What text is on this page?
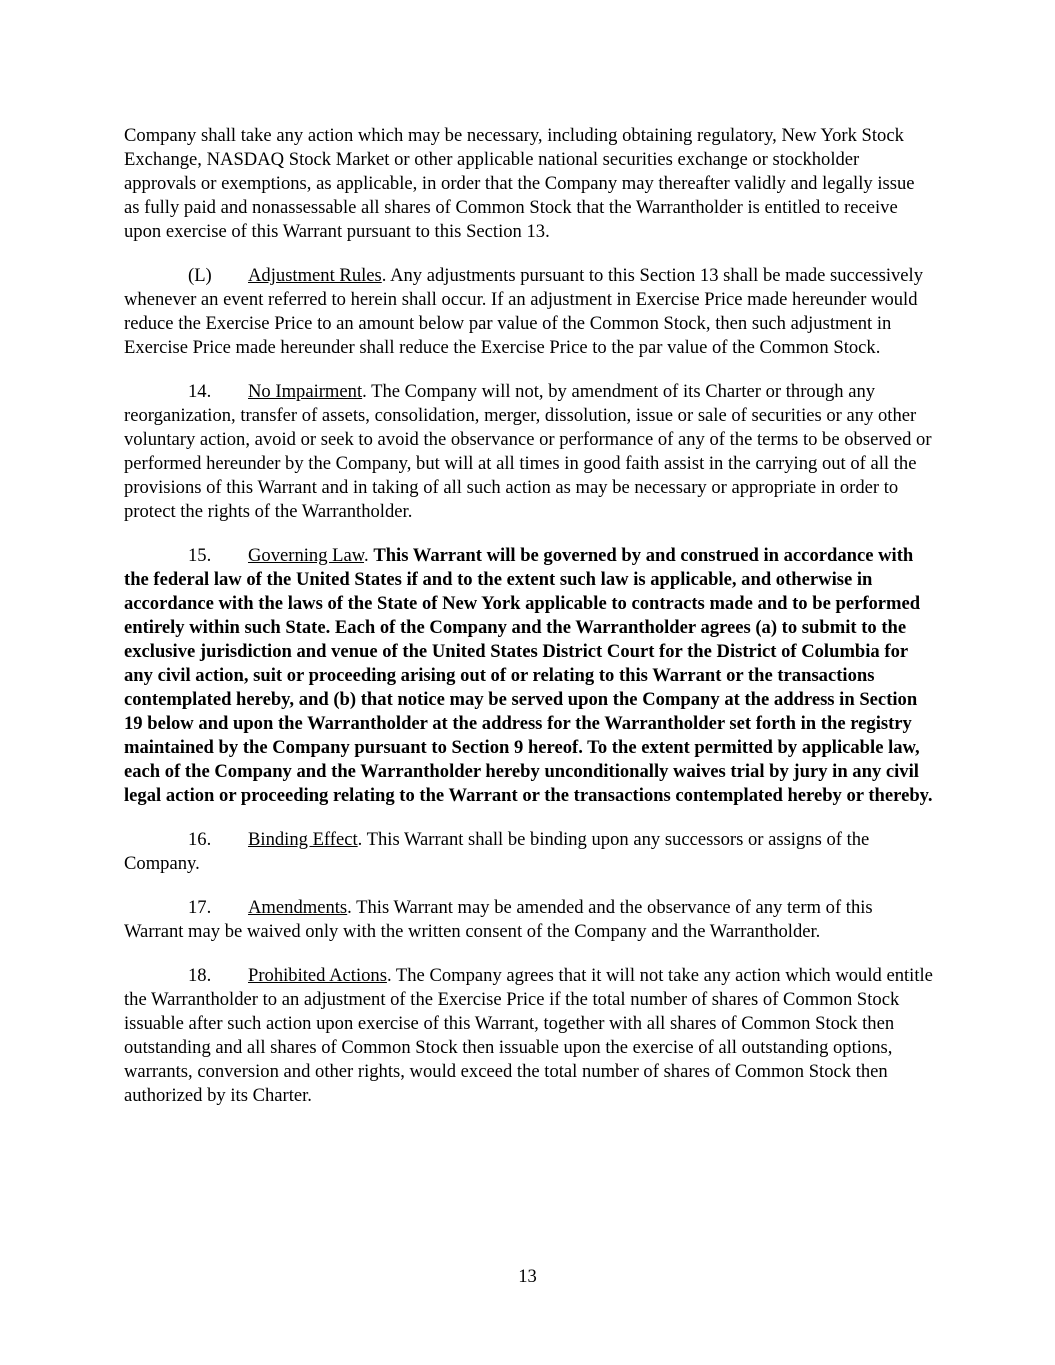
Company shall take any action which may be necessary, including obtaining regulatory, New York Stock Exchange, NASDAQ Stock Market or other applicable national securities exchange or stockholder approvals or exemptions, as applicable, in order that the Company may thereafter validly and legally issue as fully paid and nonassessable all shares of Common Stock that the Warrantholder is entitled to receive upon exercise of this Warrant pursuant to this Section 13.

(L) Adjustment Rules. Any adjustments pursuant to this Section 13 shall be made successively whenever an event referred to herein shall occur. If an adjustment in Exercise Price made hereunder would reduce the Exercise Price to an amount below par value of the Common Stock, then such adjustment in Exercise Price made hereunder shall reduce the Exercise Price to the par value of the Common Stock.

14. No Impairment. The Company will not, by amendment of its Charter or through any reorganization, transfer of assets, consolidation, merger, dissolution, issue or sale of securities or any other voluntary action, avoid or seek to avoid the observance or performance of any of the terms to be observed or performed hereunder by the Company, but will at all times in good faith assist in the carrying out of all the provisions of this Warrant and in taking of all such action as may be necessary or appropriate in order to protect the rights of the Warrantholder.

15. Governing Law. This Warrant will be governed by and construed in accordance with the federal law of the United States if and to the extent such law is applicable, and otherwise in accordance with the laws of the State of New York applicable to contracts made and to be performed entirely within such State. Each of the Company and the Warrantholder agrees (a) to submit to the exclusive jurisdiction and venue of the United States District Court for the District of Columbia for any civil action, suit or proceeding arising out of or relating to this Warrant or the transactions contemplated hereby, and (b) that notice may be served upon the Company at the address in Section 19 below and upon the Warrantholder at the address for the Warrantholder set forth in the registry maintained by the Company pursuant to Section 9 hereof. To the extent permitted by applicable law, each of the Company and the Warrantholder hereby unconditionally waives trial by jury in any civil legal action or proceeding relating to the Warrant or the transactions contemplated hereby or thereby.

16. Binding Effect. This Warrant shall be binding upon any successors or assigns of the Company.

17. Amendments. This Warrant may be amended and the observance of any term of this Warrant may be waived only with the written consent of the Company and the Warrantholder.

18. Prohibited Actions. The Company agrees that it will not take any action which would entitle the Warrantholder to an adjustment of the Exercise Price if the total number of shares of Common Stock issuable after such action upon exercise of this Warrant, together with all shares of Common Stock then outstanding and all shares of Common Stock then issuable upon the exercise of all outstanding options, warrants, conversion and other rights, would exceed the total number of shares of Common Stock then authorized by its Charter.

13
